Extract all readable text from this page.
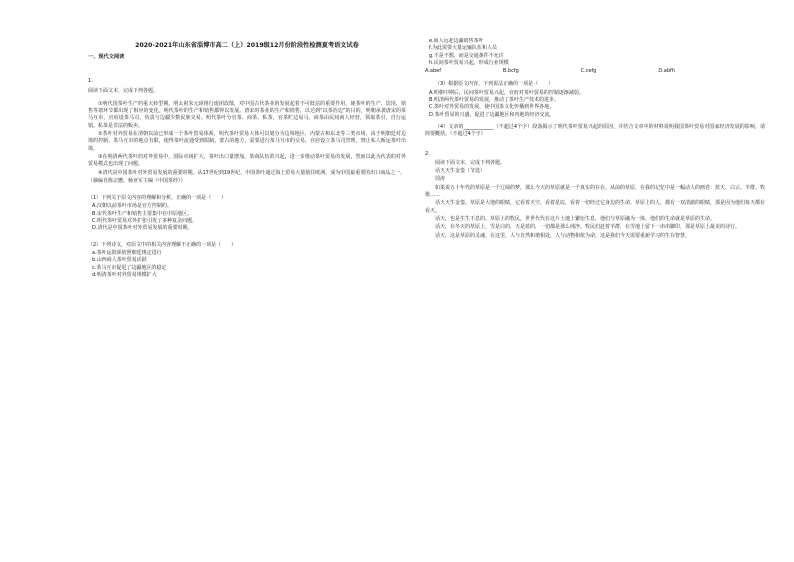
2020-2021年山东省淄博市高二（上）2019级12月份阶段性检测夏考语文试卷
一、现代文阅读
1.

阅读下面文本，完成下列各题。

①明代国茶叶生产的重大转型期。明太祖朱元璋推行废团改散，对中国古代茶业的发展起着不可低估的重要作用，使茶叶的生产、饮用、销售等诸环节都出现了相应的变化。明代茶叶的生产和销售都得以发展。唐宋时茶业的生产和销售，以达到“以茶治边”的目的，明朝承袭唐宋的茶马互市，官府设茶马司，负责与边疆少数民族交易。明代茶叶分官茶、商茶、私茶，官茶贮边易马，商茶由民间商人经营，领取茶引，自行运销。私茶是非法的贩卖。

②茶叶对外贸易在清朝以前已形成一个茶叶贸易体系，明代茶叶贸易大体可以划分为边境地区、内蒙古和东北等三类市场。由于明朝廷对边境的控制，茶马互市的地点有限，使得茶叶流通受到限制。蒙古的地方，需要进行茶马互市的交易，官府设立茶马司管理，禁止私人贩运茶叶出境。

③在明清两代茶叶的对外贸易中，国际市场扩大，茶叶出口量增加，茶商队伍的兴起，进一步推动茶叶贸易的发展，然而以此为代表的对外贸易模式也出现了问题。

④清代是中国茶叶对外贸易发展的重要时期。从17世纪到19世纪，中国茶叶通过海上贸易大量销往欧洲，成为中国最重要的出口商品之一。

（摘编自陈宗懋、杨亚军主编《中国茶经》）

（1）下列关于原文内容的理解和分析，正确的一项是（　　）

A.汉朝以前茶叶市场是官方控制的。
B.宋代茶叶生产和销售主要集中在中原地区。
C.明代茶叶贸易对外扩张引发了多种复杂问题。
D.清代是中国茶叶对外贸易发展的重要时期。

（2）下列诗文，对原文中的相关内容理解不正确的一项是（　　）

a.茶叶运销须依照朝廷规定进行
b.山西商人茶叶贸易活跃
c.茶马互市促进了边疆地区的稳定
d.明清茶叶对外贸易规模扩大
e.商人远赴边疆销售茶叶
f.为此需要大量运输队伍和人员
g.不是不想，而是交通条件不允许
h.民间茶叶贸易兴起，形成行业规模
A.abef	B.bcfg	C.cefg	D.abfh

（3）根据原文内容，下列说法正确的一项是（　　）

A.明朝中期后，民间茶叶贸易兴起，官府对茶叶贸易的控制逐渐减弱。
B.明清两代茶叶贸易的发展，推动了茶叶生产技术的进步。
C.茶叶对外贸易的发展，使中国茶文化传播到世界各地。
D.茶叶贸易的兴盛，促进了边疆地区和内地的经济交流。

（4）文章的____________（不超过4个字）段落揭示了明代茶叶贸易兴起的原因，并结合文章中的材料说明我国茶叶贸易对国家经济发展的影响，请简要概括。（不超过4个字）

2.

阅读下面文本，完成下列各题。

话天天生金銮（节选）

周涛

如果说五十年代的草原是一个辽阔的梦，那么今天的草原就是一个真实的存在。从前的草原，在我的记忆中是一幅动人的画卷：蓝天、白云、羊群、牧歌……

话天天生金銮。草原是大地的眼睛，它看着天空，看着星辰，看着一切经过它身边的生命。草原上的人，都有一双清澈的眼睛，那是因为他们每天都在看天。

话天，也是生生不息的。草原上的牧民，世世代代在这片土地上繁衍生息，他们与草原融为一体，他们的生命就是草原的生命。

话天，在冬天的草原上，雪是白的，天是蓝的，一切都是那么纯净。牧民们赶着羊群，在雪地上留下一串串脚印，那是草原上最美的诗行。

话天，这是草原的灵魂。在这里，人与自然和谐相处，人与动物相依为命，这是我们今天需要重新学习的生存智慧。
